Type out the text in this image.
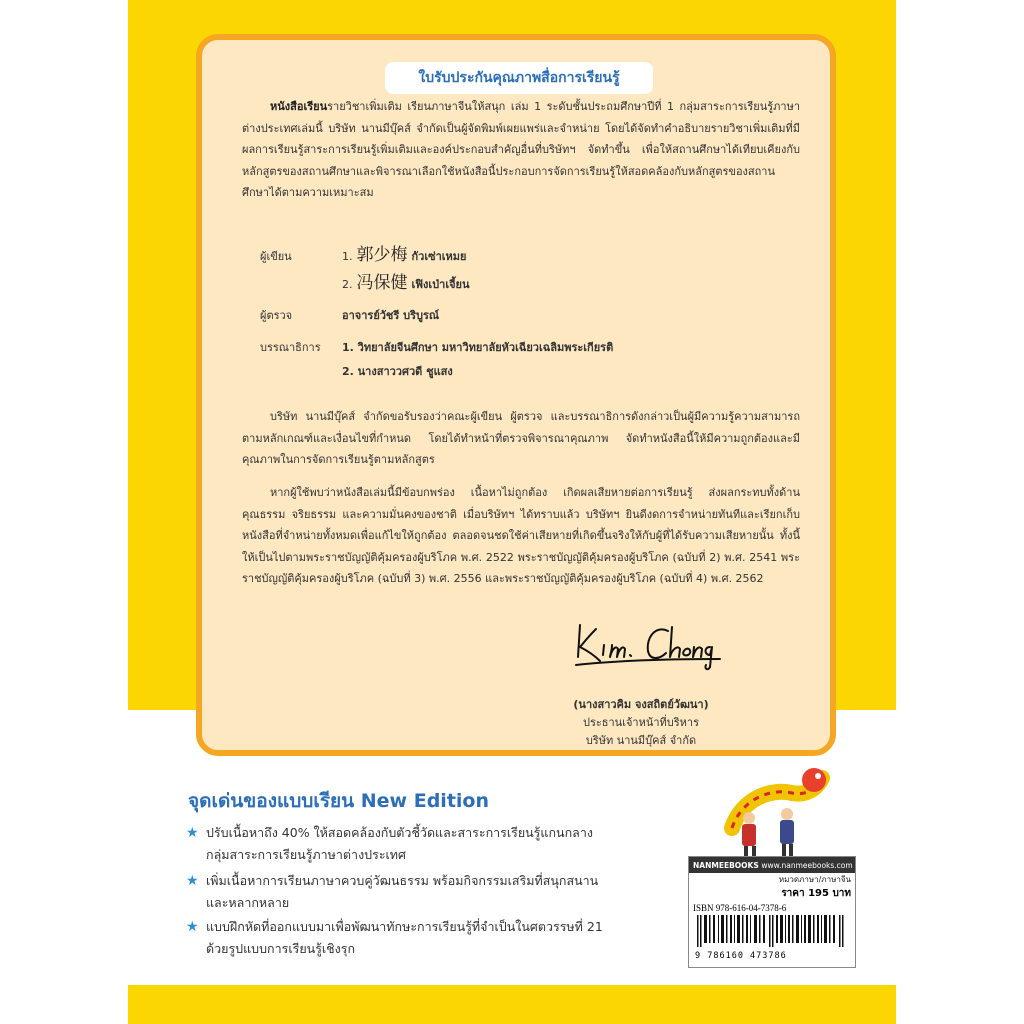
ใบรับประกันคุณภาพสื่อการเรียนรู้
หนังสือเรียนรายวิชาเพิ่มเติม เรียนภาษาจีนให้สนุก เล่ม 1 ระดับชั้นประถมศึกษาปีที่ 1 กลุ่มสาระการเรียนรู้ภาษาต่างประเทศเล่มนี้ บริษัท นานมีบุ๊คส์ จำกัดเป็นผู้จัดพิมพ์เผยแพร่และจำหน่าย โดยได้จัดทำคำอธิบายรายวิชาเพิ่มเติมที่มีผลการเรียนรู้สาระการเรียนรู้เพิ่มเติมและองค์ประกอบสำคัญอื่นที่บริษัทฯ จัดทำขึ้น เพื่อให้สถานศึกษาได้เทียบเคียงกับหลักสูตรของสถานศึกษาและพิจารณาเลือกใช้หนังสือนี้ประกอบการจัดการเรียนรู้ให้สอดคล้องกับหลักสูตรของสถานศึกษาได้ตามความเหมาะสม
ผู้เขียน	1. 郭少梅 กัวเซ่าเหมย
2. 冯保健 เฟิงเป่าเจี้ยน
ผู้ตรวจ	อาจารย์วัชรี บริบูรณ์
บรรณาธิการ 1. วิทยาลัยจีนศึกษา มหาวิทยาลัยหัวเฉียวเฉลิมพระเกียรติ
2. นางสาววศวดี ชูแสง
บริษัท นานมีบุ๊คส์ จำกัดขอรับรองว่าคณะผู้เขียน ผู้ตรวจ และบรรณาธิการดังกล่าวเป็นผู้มีความรู้ความสามารถตามหลักเกณฑ์และเงื่อนไขที่กำหนด โดยได้ทำหน้าที่ตรวจพิจารณาคุณภาพ จัดทำหนังสือนี้ให้มีความถูกต้องและมีคุณภาพในการจัดการเรียนรู้ตามหลักสูตร
หากผู้ใช้พบว่าหนังสือเล่มนี้มีข้อบกพร่อง เนื้อหาไม่ถูกต้อง เกิดผลเสียหายต่อการเรียนรู้ ส่งผลกระทบทั้งด้านคุณธรรม จริยธรรม และความมั่นคงของชาติ เมื่อบริษัทฯ ได้ทราบแล้ว บริษัทฯ ยินดีงดการจำหน่ายทันทีและเรียกเก็บหนังสือที่จำหน่ายทั้งหมดเพื่อแก้ไขให้ถูกต้อง ตลอดจนชดใช้ค่าเสียหายที่เกิดขึ้นจริงให้กับผู้ที่ได้รับความเสียหายนั้น ทั้งนี้ ให้เป็นไปตามพระราชบัญญัติคุ้มครองผู้บริโภค พ.ศ. 2522 พระราชบัญญัติคุ้มครองผู้บริโภค (ฉบับที่ 2) พ.ศ. 2541 พระราชบัญญัติคุ้มครองผู้บริโภค (ฉบับที่ 3) พ.ศ. 2556 และพระราชบัญญัติคุ้มครองผู้บริโภค (ฉบับที่ 4) พ.ศ. 2562
(นางสาวคิม จงสถิตย์วัฒนา)
ประธานเจ้าหน้าที่บริหาร
บริษัท นานมีบุ๊คส์ จำกัด
จุดเด่นของแบบเรียน New Edition
★ ปรับเนื้อหาถึง 40% ให้สอดคล้องกับตัวชี้วัดและสาระการเรียนรู้แกนกลาง
กลุ่มสาระการเรียนรู้ภาษาต่างประเทศ
★ เพิ่มเนื้อหาการเรียนภาษาควบคู่วัฒนธรรม พร้อมกิจกรรมเสริมที่สนุกสนาน
และหลากหลาย
★ แบบฝึกหัดที่ออกแบบมาเพื่อพัฒนาทักษะการเรียนรู้ที่จำเป็นในศตวรรษที่ 21
ด้วยรูปแบบการเรียนรู้เชิงรุก
NANMEEBOOKS
www.nanmeebooks.com
หมวดภาษา/ภาษาจีน
ราคา 195 บาท
ISBN 978-616-04-7378-6
9 786160 473786
